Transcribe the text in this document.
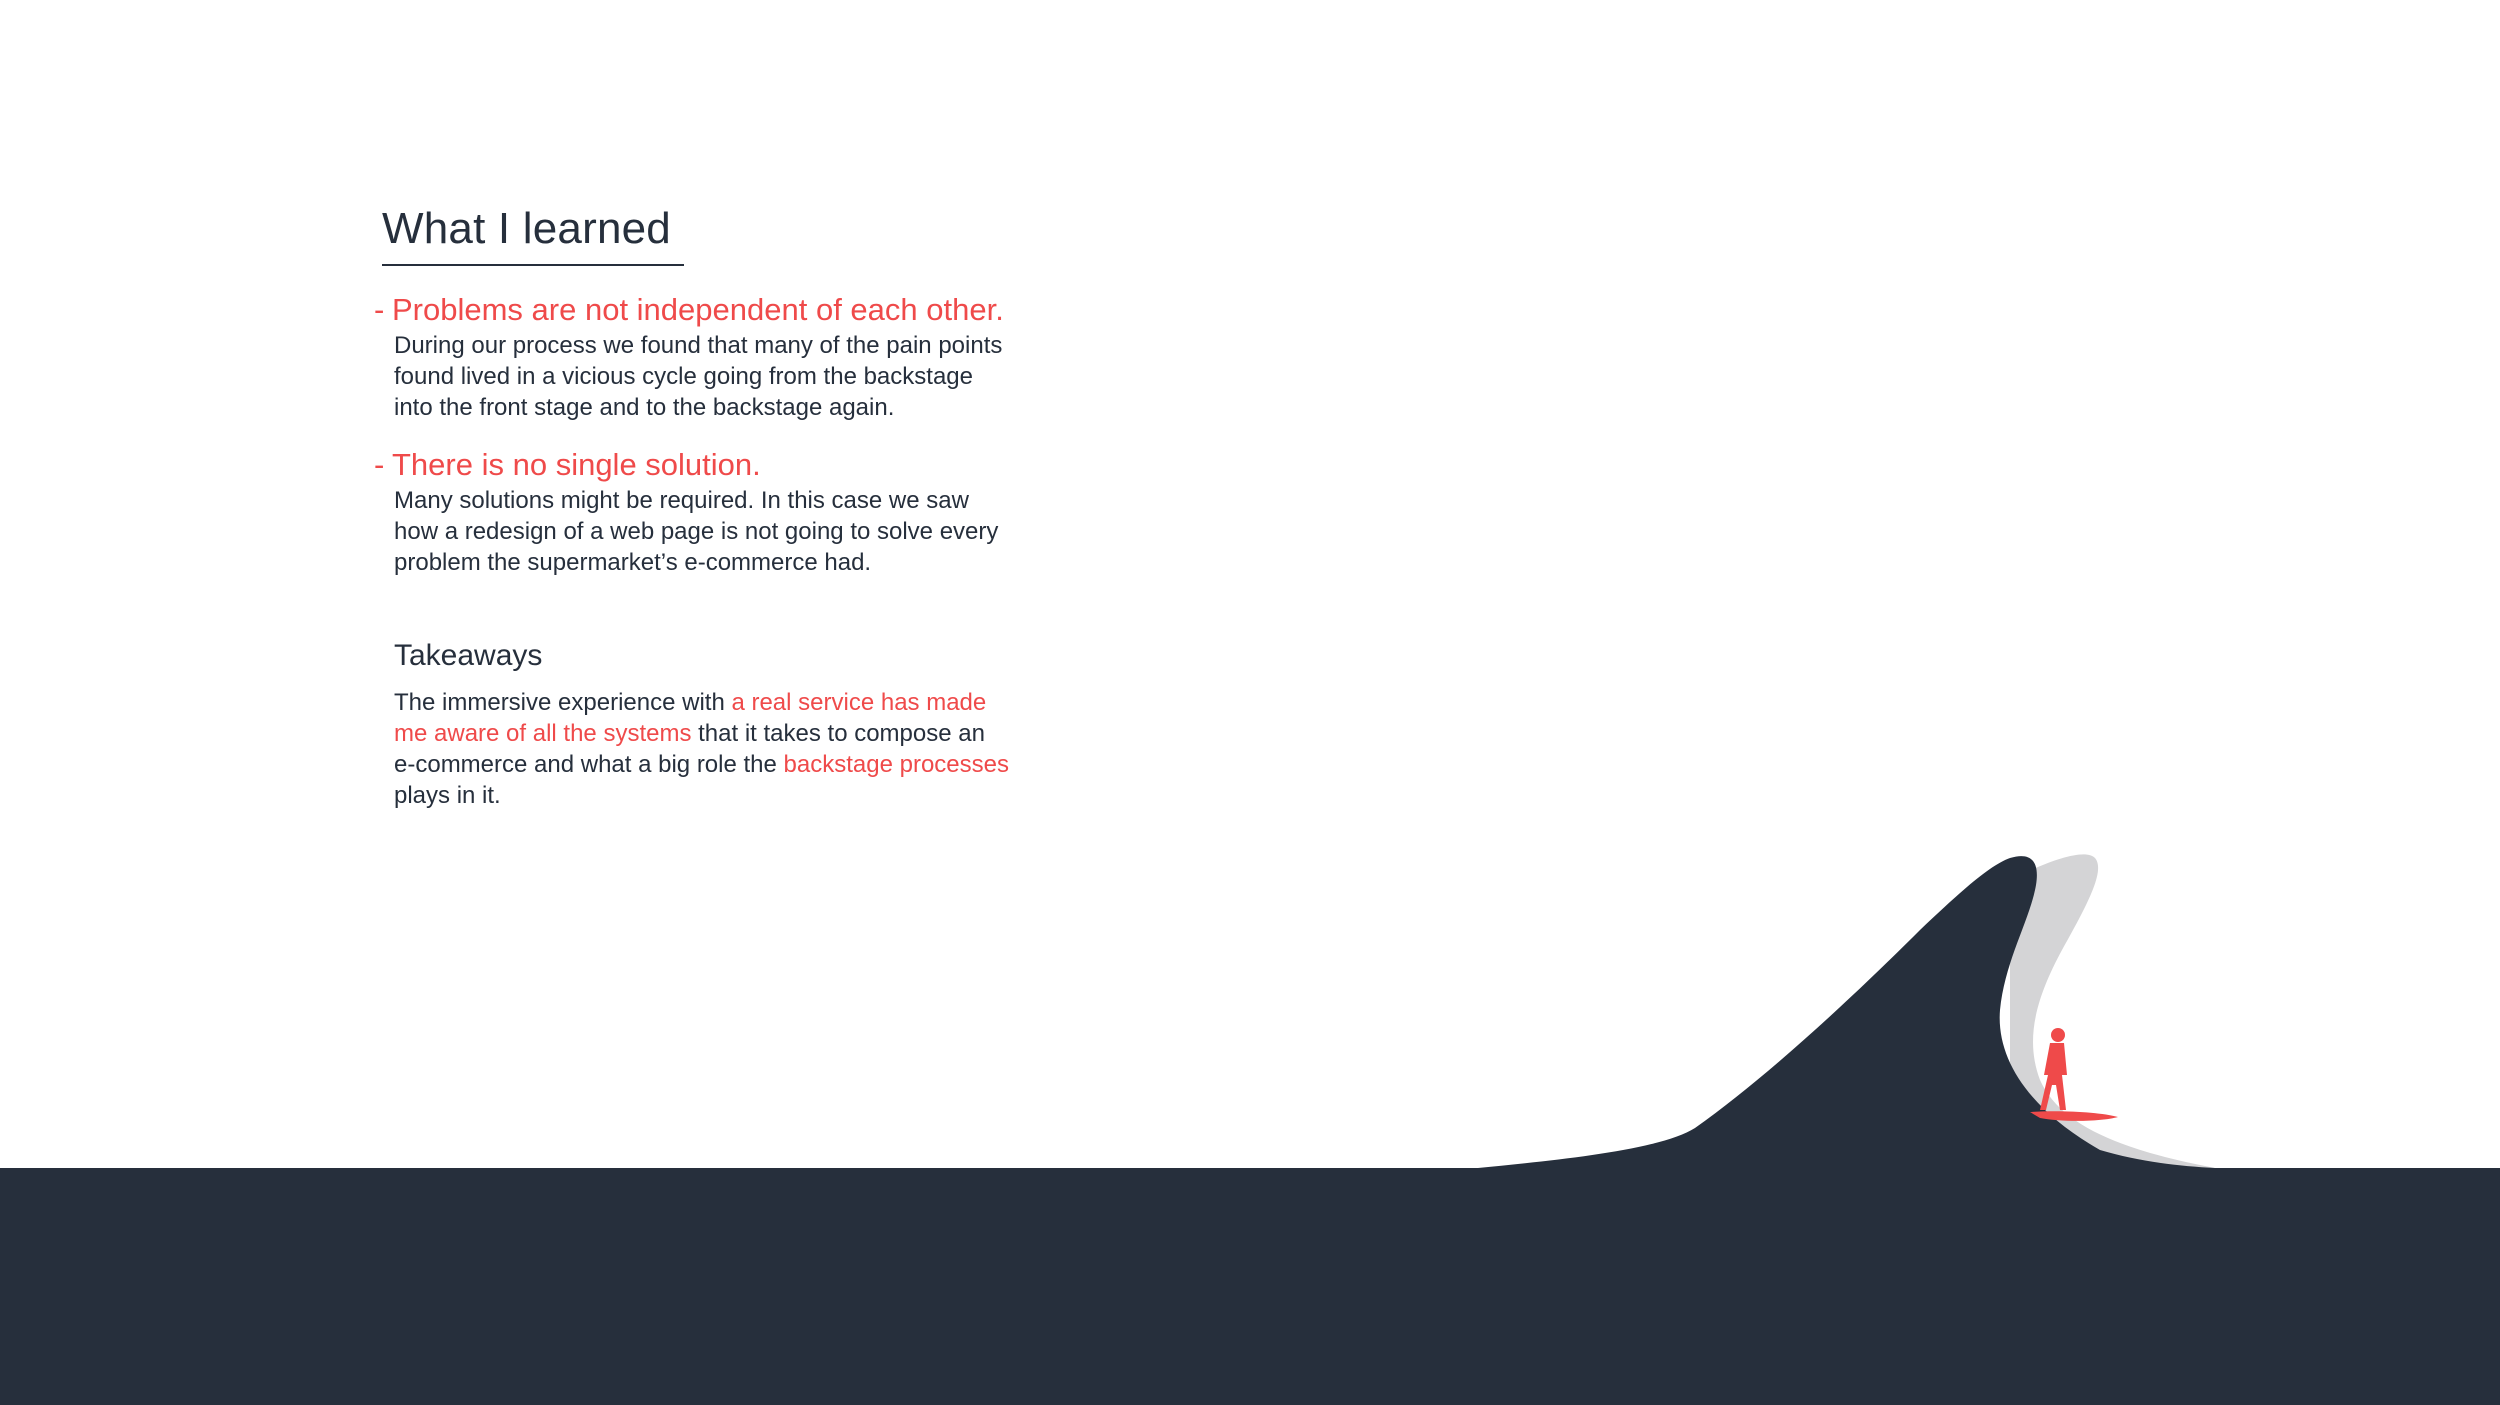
What I learned

- Problems are not independent of each other.

During our process we found that many of the pain points
found lived in a vicious cycle going from the backstage
into the front stage and to the backstage again.

- There is no single solution.

Many solutions might be required. In this case we saw
how a redesign of a web page is not going to solve every
problem the supermarket’s e-commerce had.

Takeaways

The immersive experience with a real service has made
me aware of all the systems that it takes to compose an
e-commerce and what a big role the backstage processes
plays in it.
